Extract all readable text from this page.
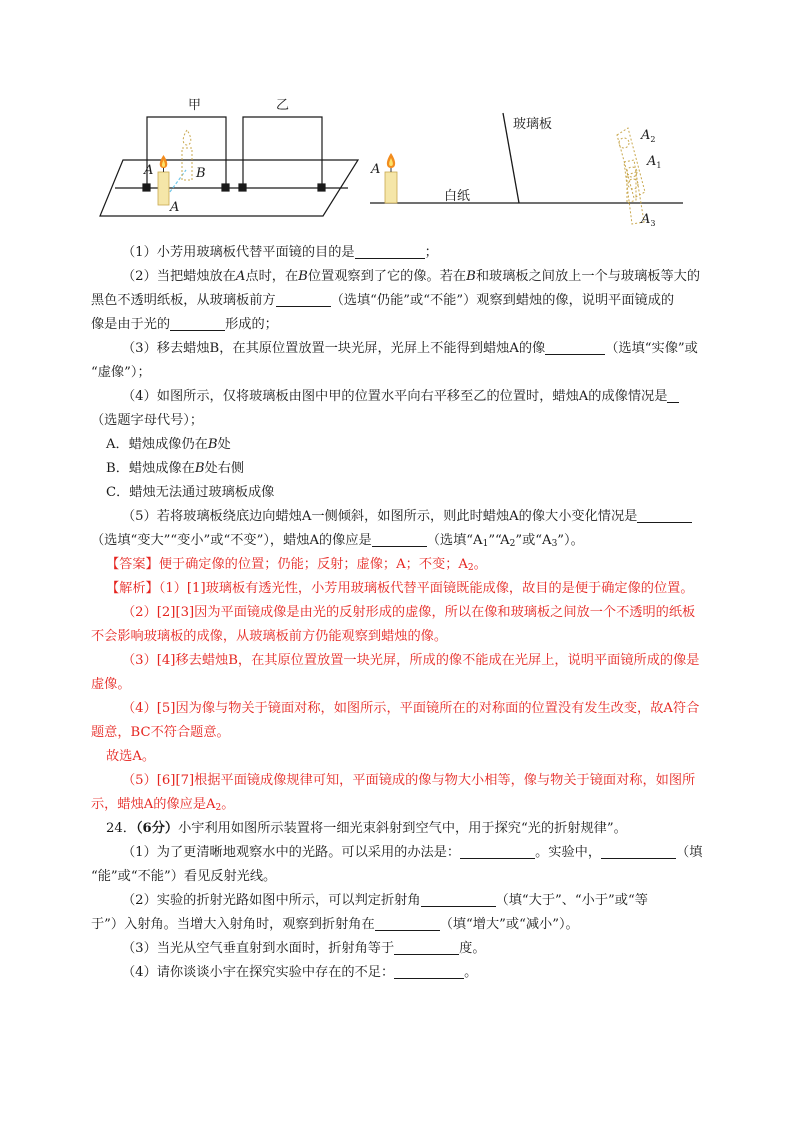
甲	乙
A	B
A
玻璃板
A
白纸
$A_2$
$A_1$
$A_3$
（1）小芳用玻璃板代替平面镜的目的是	；
（2）当把蜡烛放在A点时，在B位置观察到了它的像。若在B和玻璃板之间放上一个与玻璃板等大的
黑色不透明纸板，从玻璃板前方	（选填“仍能”或“不能”）观察到蜡烛的像，说明平面镜成的
像是由于光的	形成的；
（3）移去蜡烛B，在其原位置放置一块光屏，光屏上不能得到蜡烛A的像	（选填“实像”或
“虚像”）；
（4）如图所示，仅将玻璃板由图中甲的位置水平向右平移至乙的位置时，蜡烛A的成像情况是
（选题字母代号）；
A．蜡烛成像仍在B处
B．蜡烛成像在B处右侧
C．蜡烛无法通过玻璃板成像
（5）若将玻璃板绕底边向蜡烛A一侧倾斜，如图所示，则此时蜡烛A的像大小变化情况是
（选填“变大”“变小”或“不变”），蜡烛A的像应是	（选填“$A_1”“A_2$”或“$A_3$”）。
【答案】便于确定像的位置；仍能；反射；虚像；A；不变；$A_2$。
【解析】（1）[1]玻璃板有透光性，小芳用玻璃板代替平面镜既能成像，故目的是便于确定像的位置。
（2）[2][3]因为平面镜成像是由光的反射形成的虚像，所以在像和玻璃板之间放一个不透明的纸板
不会影响玻璃板的成像，从玻璃板前方仍能观察到蜡烛的像。
（3）[4]移去蜡烛B，在其原位置放置一块光屏，所成的像不能成在光屏上，说明平面镜所成的像是
虚像。
（4）[5]因为像与物关于镜面对称，如图所示，平面镜所在的对称面的位置没有发生改变，故A符合
题意，BC不符合题意。
故选A。
（5）[6][7]根据平面镜成像规律可知，平面镜成的像与物大小相等，像与物关于镜面对称，如图所
示，蜡烛A的像应是$A_2$。
24．（6分）小宇利用如图所示装置将一细光束斜射到空气中，用于探究“光的折射规律”。
（1）为了更清晰地观察水中的光路。可以采用的办法是：	。实验中，	（填
“能”或“不能”）看见反射光线。
（2）实验的折射光路如图中所示，可以判定折射角	（填“大于”、“小于”或“等
于”）入射角。当增大入射角时，观察到折射角在	（填“增大”或“减小”）。
（3）当光从空气垂直射到水面时，折射角等于	度。
（4）请你谈谈小宇在探究实验中存在的不足：	。
